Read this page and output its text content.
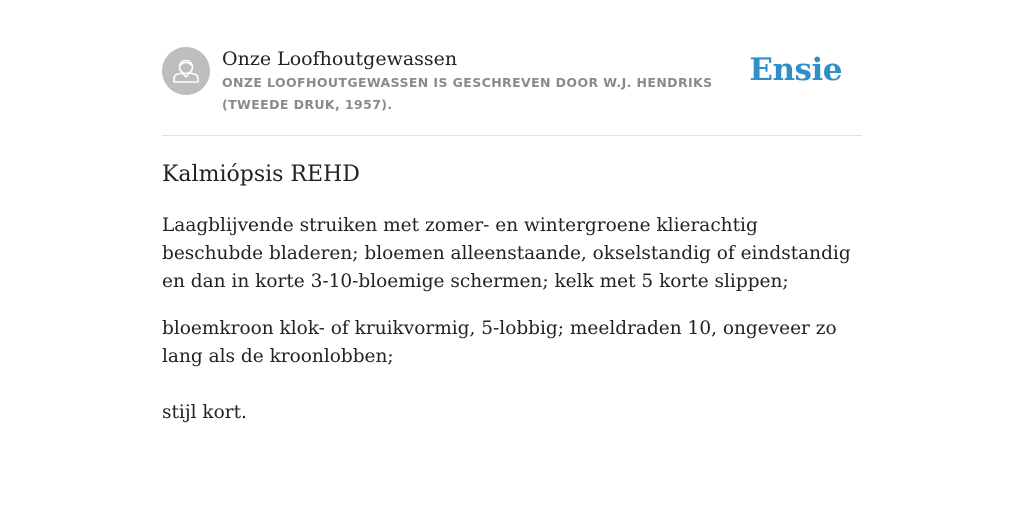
Onze Loofhoutgewassen
ONZE LOOFHOUTGEWASSEN IS GESCHREVEN DOOR W.J. HENDRIKS (TWEEDE DRUK, 1957).
Ensie
Kalmiópsis REHD

Laagblijvende struiken met zomer- en wintergroene klierachtig beschubde bladeren; bloemen alleenstaande, okselstandig of eindstandig en dan in korte 3-10-bloemige schermen; kelk met 5 korte slippen;

bloemkroon klok- of kruikvormig, 5-lobbig; meeldraden 10, ongeveer zo lang als de kroonlobben;

stijl kort.
